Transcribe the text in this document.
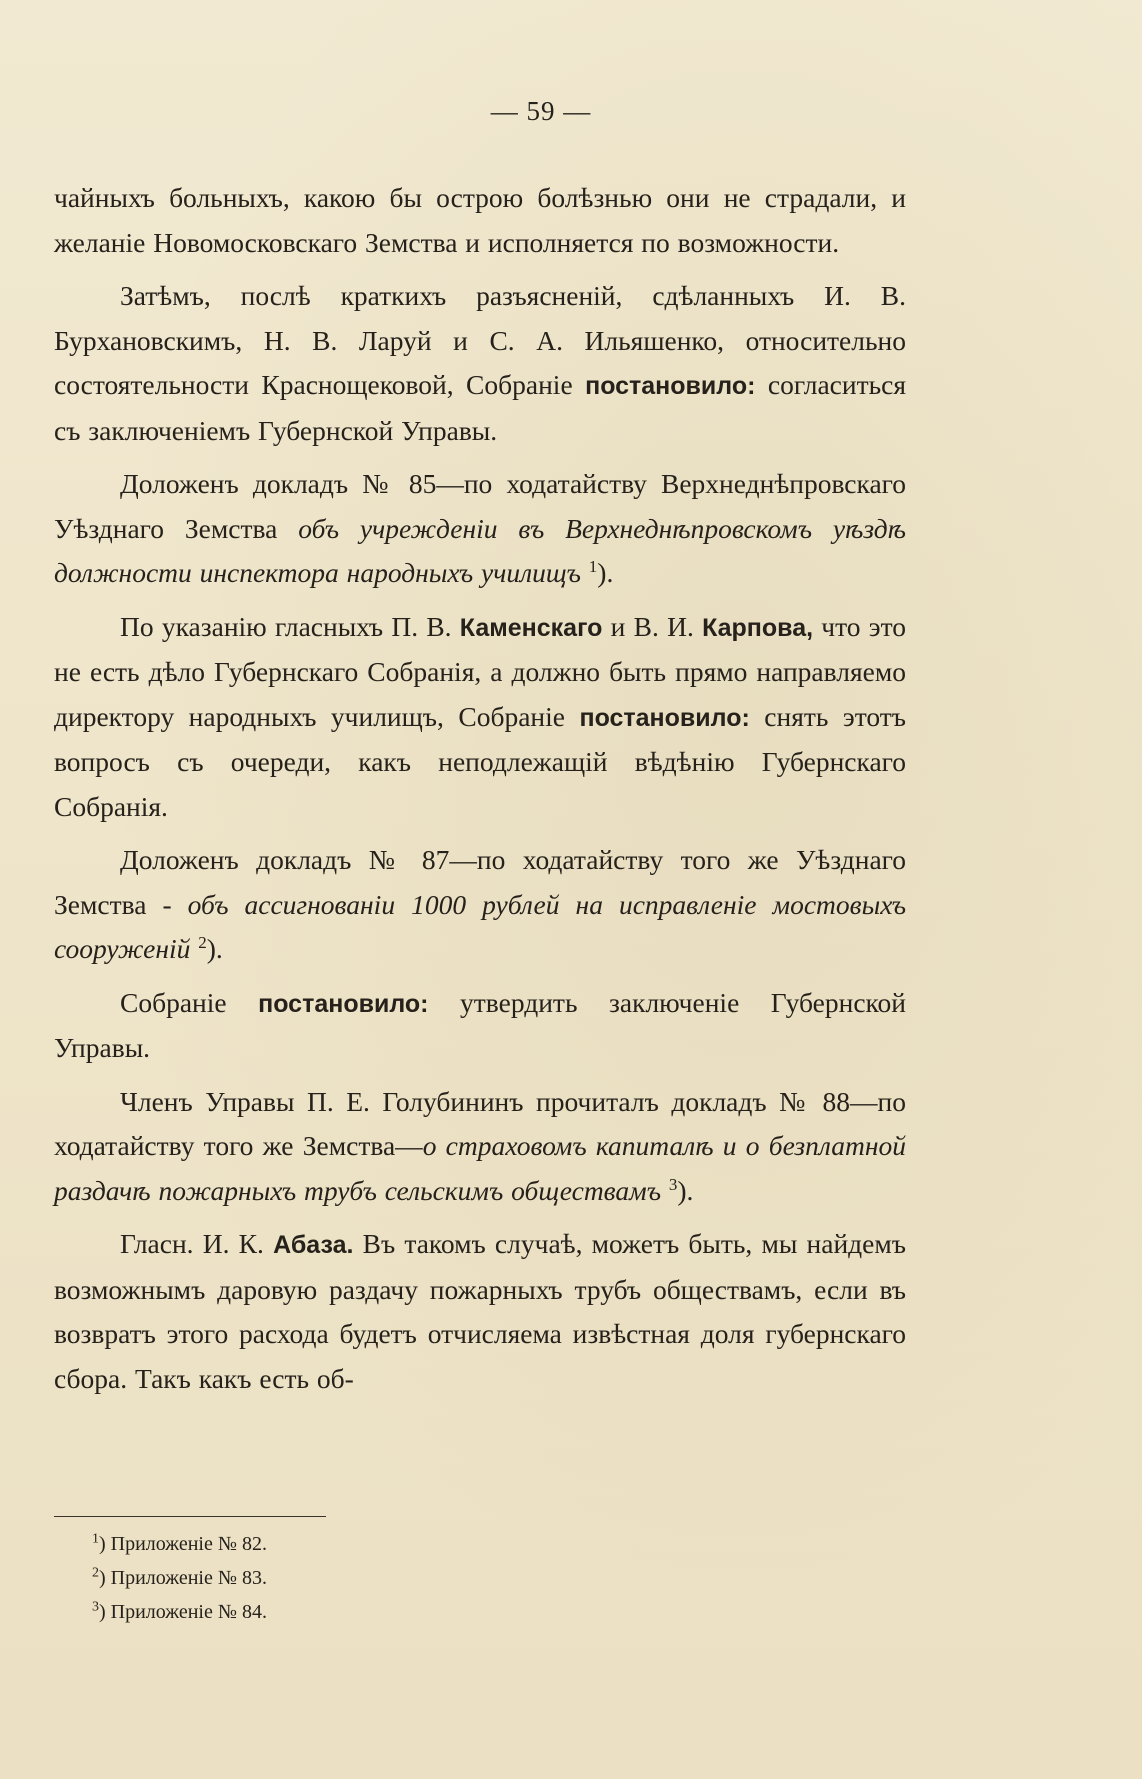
— 59 —

чайныхъ больныхъ, какою бы острою болѣзнью они не страдали, и желаніе Новомосковскаго Земства и исполняется по возможности.

Затѣмъ, послѣ краткихъ разъясненій, сдѣланныхъ И. В. Бурхановскимъ, Н. В. Ларуй и С. А. Ильяшенко, относительно состоятельности Краснощековой, Собраніе постановило: согласиться съ заключеніемъ Губернской Управы.

Доложенъ докладъ № 85—по ходатайству Верхнеднѣпровскаго Уѣзднаго Земства объ учрежденіи въ Верхнеднѣпровскомъ уѣздѣ должности инспектора народныхъ училищъ $^1$).

По указанію гласныхъ П. В. Каменскаго и В. И. Карпова, что это не есть дѣло Губернскаго Собранія, а должно быть прямо направляемо директору народныхъ училищъ, Собраніе постановило: снять этотъ вопросъ съ очереди, какъ неподлежащій вѣдѣнію Губернскаго Собранія.

Доложенъ докладъ № 87—по ходатайству того же Уѣзднаго Земства - объ ассигнованіи 1000 рублей на исправленіе мостовыхъ сооруженій $^2$).

Собраніе постановило: утвердить заключеніе Губернской Управы.

Членъ Управы П. Е. Голубининъ прочиталъ докладъ № 88—по ходатайству того же Земства—о страховомъ капиталѣ и о безплатной раздачѣ пожарныхъ трубъ сельскимъ обществамъ $^3$).

Гласн. И. К. Абаза. Въ такомъ случаѣ, можетъ быть, мы найдемъ возможнымъ даровую раздачу пожарныхъ трубъ обществамъ, если въ возвратъ этого расхода будетъ отчисляема извѣстная доля губернскаго сбора. Такъ какъ есть об-

$^1$) Приложеніе № 82.
$^2$) Приложеніе № 83.
$^3$) Приложеніе № 84.
